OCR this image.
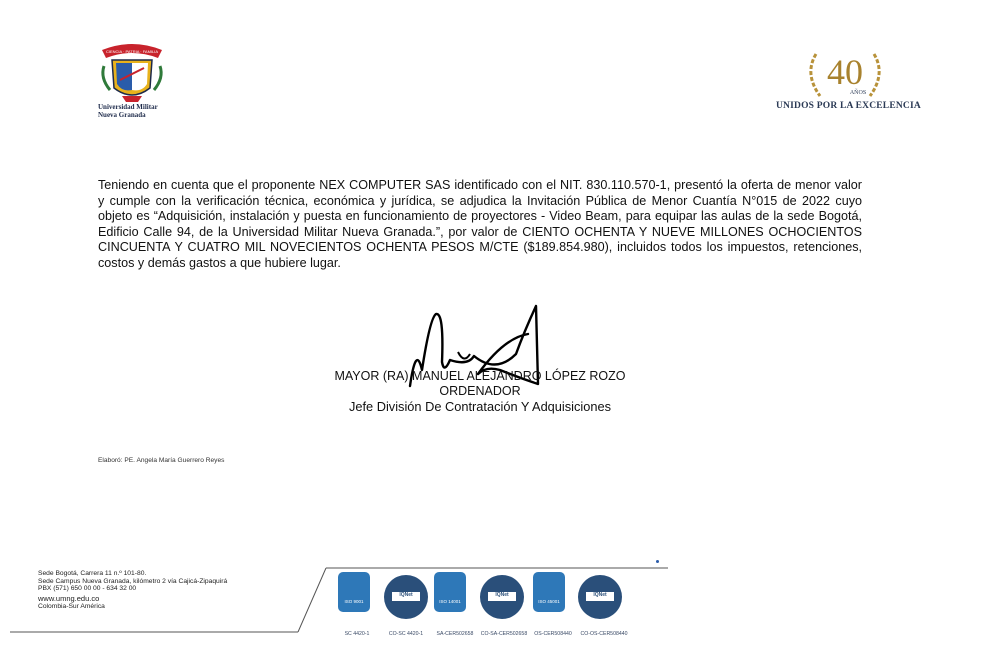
CIENCIA · PATRIA · FAMILIA
Universidad Militar
Nueva Granada
40
AÑOS
UNIDOS POR LA EXCELENCIA
Teniendo en cuenta que el proponente NEX COMPUTER SAS identificado con el NIT. 830.110.570-1, presentó la oferta de menor valor y cumple con la verificación técnica, económica y jurídica, se adjudica la Invitación Pública de Menor Cuantía N°015 de 2022 cuyo objeto es “Adquisición, instalación y puesta en funcionamiento de proyectores - Video Beam, para equipar las aulas de la sede Bogotá, Edificio Calle 94, de la Universidad Militar Nueva Granada.”, por valor de CIENTO OCHENTA Y NUEVE MILLONES OCHOCIENTOS CINCUENTA Y CUATRO MIL NOVECIENTOS OCHENTA PESOS M/CTE ($189.854.980), incluidos todos los impuestos, retenciones, costos y demás gastos a que hubiere lugar.
MAYOR (RA) MANUEL ALEJANDRO LÓPEZ ROZO
ORDENADOR
Jefe División De Contratación Y Adquisiciones
Elaboró: PE. Angela María Guerrero Reyes
Sede Bogotá, Carrera 11 n.º 101-80.
Sede Campus Nueva Granada, kilómetro 2 vía Cajicá-Zipaquirá
PBX (571) 650 00 00 - 634 32 00
www.umng.edu.co
Colombia-Sur América
ISO 9001
IQNet
ISO 14001
IQNet
ISO 45001
IQNet
SC 4420-1	CO-SC 4420-1	SA-CER502658	CO-SA-CER502658	OS-CER508440	CO-OS-CER508440
